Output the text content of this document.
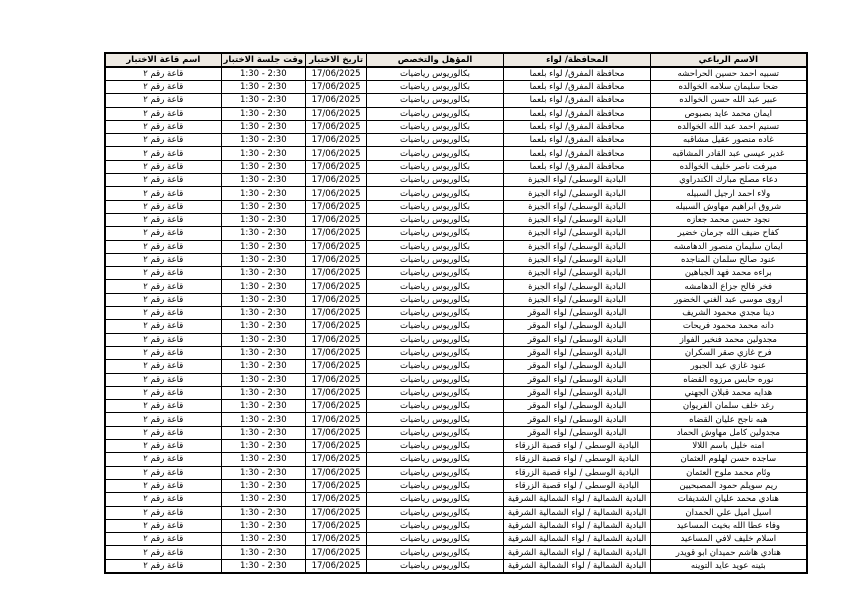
الاسم الرباعي	المحافظة/ لواء	المؤهل والتخصص	تاريخ الاختبار	وقت جلسة الاختبار	اسم قاعة الاختبار
تسبيه احمد حسين الحراحشه	محافظة المفرق/ لواء بلعما	بكالوريوس رياضيات	17/06/2025	1:30 - 2:30	قاعة رقم ٢
ضحا سليمان سلامه الخوالده	محافظة المفرق/ لواء بلعما	بكالوريوس رياضيات	17/06/2025	1:30 - 2:30	قاعة رقم ٢
عبير عبد الله حسن الخوالده	محافظة المفرق/ لواء بلعما	بكالوريوس رياضيات	17/06/2025	1:30 - 2:30	قاعة رقم ٢
ايمان محمد عايد بصبوص	محافظة المفرق/ لواء بلعما	بكالوريوس رياضيات	17/06/2025	1:30 - 2:30	قاعة رقم ٢
تسنيم احمد عبد الله الخوالده	محافظة المفرق/ لواء بلعما	بكالوريوس رياضيات	17/06/2025	1:30 - 2:30	قاعة رقم ٢
غاده منصور عقيل مشاقبه	محافظة المفرق/ لواء بلعما	بكالوريوس رياضيات	17/06/2025	1:30 - 2:30	قاعة رقم ٢
غدير عيسى عبد القادر المشاقبه	محافظة المفرق/ لواء بلعما	بكالوريوس رياضيات	17/06/2025	1:30 - 2:30	قاعة رقم ٢
ميرفت ناصر خليف الخوالده	محافظة المفرق/ لواء بلعما	بكالوريوس رياضيات	17/06/2025	1:30 - 2:30	قاعة رقم ٢
دعاء مصلح مبارك الكندراوي	البادية الوسطى/ لواء الجيزة	بكالوريوس رياضيات	17/06/2025	1:30 - 2:30	قاعة رقم ٢
ولاء احمد ارجيل السبيله	البادية الوسطى/ لواء الجيزة	بكالوريوس رياضيات	17/06/2025	1:30 - 2:30	قاعة رقم ٢
شروق ابراهيم مهاوش السبيله	البادية الوسطى/ لواء الجيزة	بكالوريوس رياضيات	17/06/2025	1:30 - 2:30	قاعة رقم ٢
نجود حسن محمد جعازه	البادية الوسطى/ لواء الجيزة	بكالوريوس رياضيات	17/06/2025	1:30 - 2:30	قاعة رقم ٢
كفاح ضيف الله جرمان خضير	البادية الوسطى/ لواء الجيزة	بكالوريوس رياضيات	17/06/2025	1:30 - 2:30	قاعة رقم ٢
ايمان سليمان منصور الدهامشه	البادية الوسطى/ لواء الجيزة	بكالوريوس رياضيات	17/06/2025	1:30 - 2:30	قاعة رقم ٢
عنود صالح سلمان المناجده	البادية الوسطى/ لواء الجيزة	بكالوريوس رياضيات	17/06/2025	1:30 - 2:30	قاعة رقم ٢
براءه محمد فهد الجباهين	البادية الوسطى/ لواء الجيزة	بكالوريوس رياضيات	17/06/2025	1:30 - 2:30	قاعة رقم ٢
فخر فالح جزاع الدهامشه	البادية الوسطى/ لواء الجيزة	بكالوريوس رياضيات	17/06/2025	1:30 - 2:30	قاعة رقم ٢
اروى موسى عبد الغني الخضور	البادية الوسطى/ لواء الجيزة	بكالوريوس رياضيات	17/06/2025	1:30 - 2:30	قاعة رقم ٢
دينا مجدي محمود الشريف	البادية الوسطى/ لواء الموقر	بكالوريوس رياضيات	17/06/2025	1:30 - 2:30	قاعة رقم ٢
دانه محمد محمود فريحات	البادية الوسطى/ لواء الموقر	بكالوريوس رياضيات	17/06/2025	1:30 - 2:30	قاعة رقم ٢
مجدولين محمد فنخير الفواز	البادية الوسطى/ لواء الموقر	بكالوريوس رياضيات	17/06/2025	1:30 - 2:30	قاعة رقم ٢
فرح غازي صقر السكران	البادية الوسطى/ لواء الموقر	بكالوريوس رياضيات	17/06/2025	1:30 - 2:30	قاعة رقم ٢
عنود غازي عيد الجبور	البادية الوسطى/ لواء الموقر	بكالوريوس رياضيات	17/06/2025	1:30 - 2:30	قاعة رقم ٢
نوره حابس مرزوه القضاه	البادية الوسطى/ لواء الموقر	بكالوريوس رياضيات	17/06/2025	1:30 - 2:30	قاعة رقم ٢
هدايه محمد قبلان الجهني	البادية الوسطى/ لواء الموقر	بكالوريوس رياضيات	17/06/2025	1:30 - 2:30	قاعة رقم ٢
رغد خلف سلمان الفريوان	البادية الوسطى/ لواء الموقر	بكالوريوس رياضيات	17/06/2025	1:30 - 2:30	قاعة رقم ٢
هبه ناجح عليان القضاه	البادية الوسطى/ لواء الموقر	بكالوريوس رياضيات	17/06/2025	1:30 - 2:30	قاعة رقم ٢
مجدولين كامل مهاوش الحماد	البادية الوسطى/ لواء الموقر	بكالوريوس رياضيات	17/06/2025	1:30 - 2:30	قاعة رقم ٢
امنه خليل باسم اللالا	البادية الوسطى / لواء قصبة الزرقاء	بكالوريوس رياضيات	17/06/2025	1:30 - 2:30	قاعة رقم ٢
ساجده حسن لهلوم العثمان	البادية الوسطى / لواء قصبة الزرقاء	بكالوريوس رياضيات	17/06/2025	1:30 - 2:30	قاعة رقم ٢
وئام محمد ملوح العثمان	البادية الوسطى / لواء قصبة الزرقاء	بكالوريوس رياضيات	17/06/2025	1:30 - 2:30	قاعة رقم ٢
ريم سويلم حمود المصبحيين	البادية الوسطى / لواء قصبة الزرقاء	بكالوريوس رياضيات	17/06/2025	1:30 - 2:30	قاعة رقم ٢
هنادي محمد عليان الشديفات	البادية الشمالية / لواء الشمالية الشرقية	بكالوريوس رياضيات	17/06/2025	1:30 - 2:30	قاعة رقم ٢
اسيل اميل علي الحمدان	البادية الشمالية / لواء الشمالية الشرقية	بكالوريوس رياضيات	17/06/2025	1:30 - 2:30	قاعة رقم ٢
وفاء عطا الله بخيت المساعيد	البادية الشمالية / لواء الشمالية الشرقية	بكالوريوس رياضيات	17/06/2025	1:30 - 2:30	قاعة رقم ٢
اسلام خليف لافي المساعيد	البادية الشمالية / لواء الشمالية الشرقية	بكالوريوس رياضيات	17/06/2025	1:30 - 2:30	قاعة رقم ٢
هنادي هاشم حميدان ابو قويدر	البادية الشمالية / لواء الشمالية الشرقية	بكالوريوس رياضيات	17/06/2025	1:30 - 2:30	قاعة رقم ٢
بثينه عويد عايد التوينه	البادية الشمالية / لواء الشمالية الشرقية	بكالوريوس رياضيات	17/06/2025	1:30 - 2:30	قاعة رقم ٢
